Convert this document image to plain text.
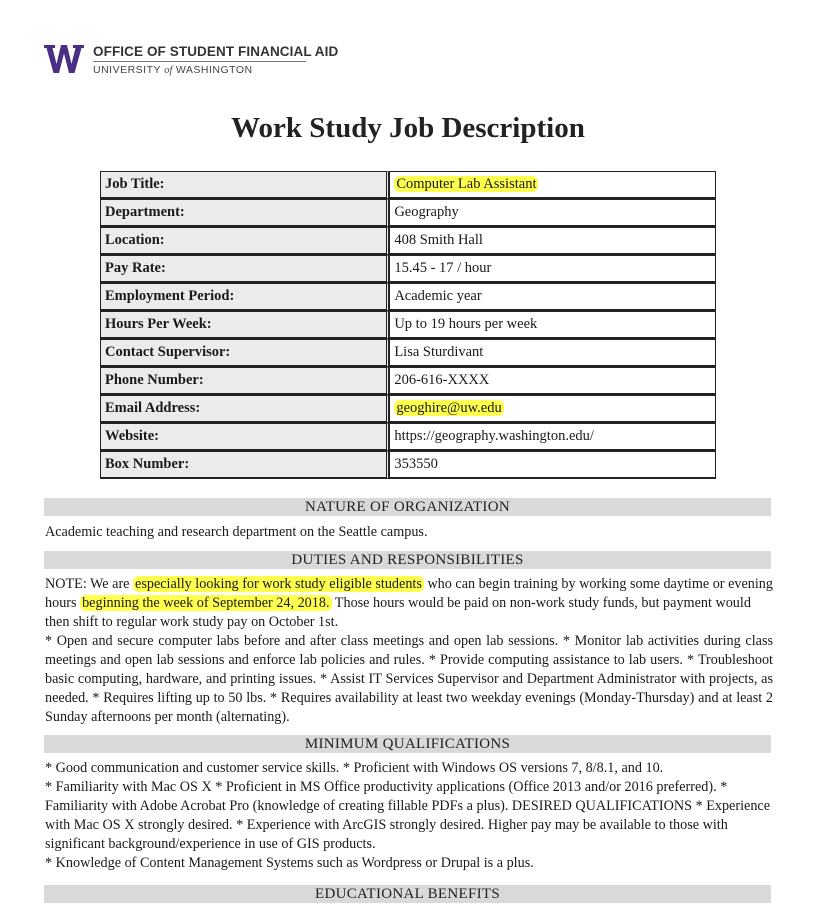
OFFICE OF STUDENT FINANCIAL AID
UNIVERSITY of WASHINGTON
Work Study Job Description
Job Title:	Computer Lab Assistant
Department:	Geography
Location:	408 Smith Hall
Pay Rate:	15.45 - 17 / hour
Employment Period:	Academic year
Hours Per Week:	Up to 19 hours per week
Contact Supervisor:	Lisa Sturdivant
Phone Number:	206-616-XXXX
Email Address:	geoghire@uw.edu
Website:	https://geography.washington.edu/
Box Number:	353550
NATURE OF ORGANIZATION
Academic teaching and research department on the Seattle campus.
DUTIES AND RESPONSIBILITIES
NOTE: We are especially looking for work study eligible students who can begin training by working some daytime or evening hours beginning the week of September 24, 2018. Those hours would be paid on non-work study funds, but payment would then shift to regular work study pay on October 1st.
* Open and secure computer labs before and after class meetings and open lab sessions. * Monitor lab activities during class meetings and open lab sessions and enforce lab policies and rules. * Provide computing assistance to lab users. * Troubleshoot basic computing, hardware, and printing issues. * Assist IT Services Supervisor and Department Administrator with projects, as needed. * Requires lifting up to 50 lbs. * Requires availability at least two weekday evenings (Monday-Thursday) and at least 2 Sunday afternoons per month (alternating).
MINIMUM QUALIFICATIONS
* Good communication and customer service skills. * Proficient with Windows OS versions 7, 8/8.1, and 10.
* Familiarity with Mac OS X * Proficient in MS Office productivity applications (Office 2013 and/or 2016 preferred). * Familiarity with Adobe Acrobat Pro (knowledge of creating fillable PDFs a plus). DESIRED QUALIFICATIONS * Experience with Mac OS X strongly desired. * Experience with ArcGIS strongly desired. Higher pay may be available to those with significant background/experience in use of GIS products.
* Knowledge of Content Management Systems such as Wordpress or Drupal is a plus.
EDUCATIONAL BENEFITS
